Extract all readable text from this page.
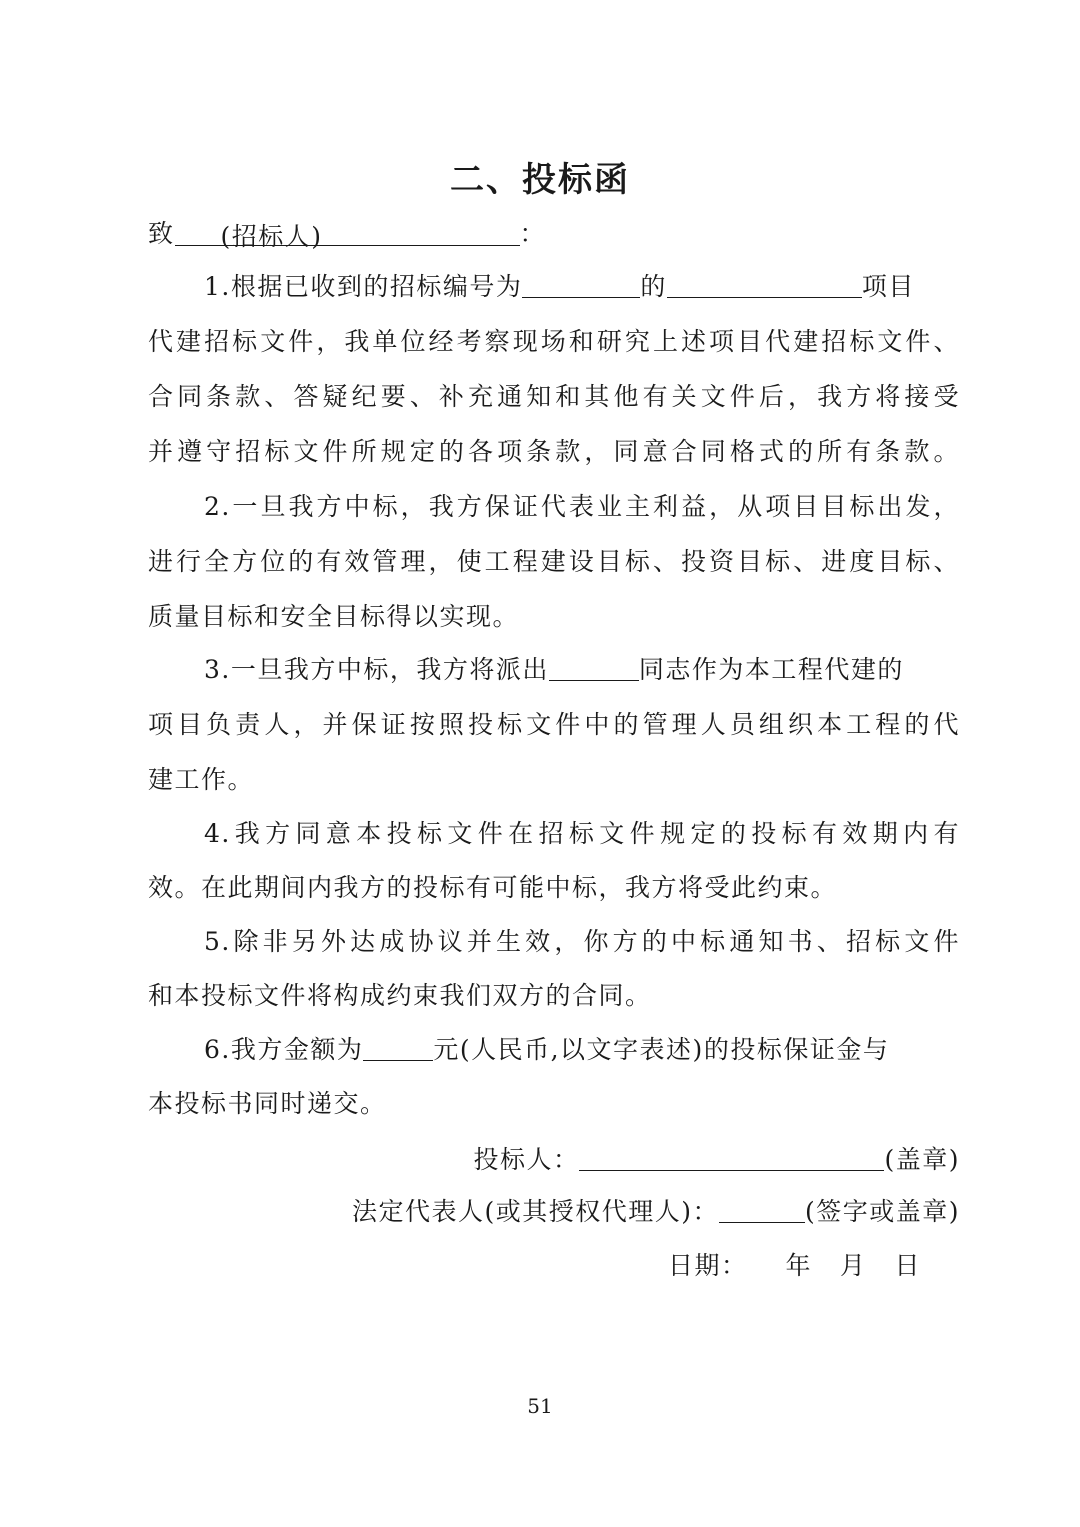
二、投标函
致 (招标人)	：
1.根据已收到的招标编号为	的	项目
代建招标文件，我单位经考察现场和研究上述项目代建招标文件、
合同条款、答疑纪要、补充通知和其他有关文件后，我方将接受
并遵守招标文件所规定的各项条款，同意合同格式的所有条款。
2.一旦我方中标，我方保证代表业主利益，从项目目标出发，
进行全方位的有效管理，使工程建设目标、投资目标、进度目标、
质量目标和安全目标得以实现。
3.一旦我方中标，我方将派出	同志作为本工程代建的
项目负责人，并保证按照投标文件中的管理人员组织本工程的代
建工作。
4.我方同意本投标文件在招标文件规定的投标有效期内有
效。在此期间内我方的投标有可能中标，我方将受此约束。
5.除非另外达成协议并生效，你方的中标通知书、招标文件
和本投标文件将构成约束我们双方的合同。
6.我方金额为	元(人民币,以文字表述)的投标保证金与
本投标书同时递交。
投标人：	(盖章)
法定代表人(或其授权代理人)：	(签字或盖章)
日期： 年 月 日
51
